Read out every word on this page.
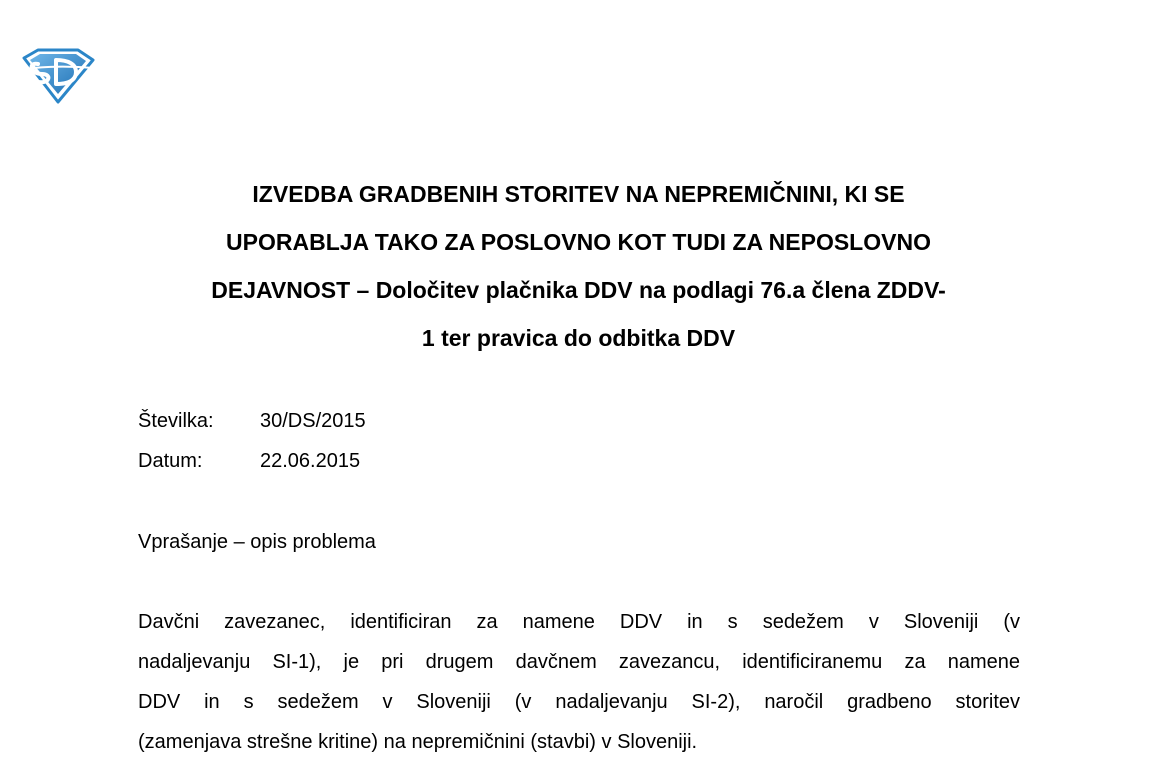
IZVEDBA GRADBENIH STORITEV NA NEPREMIČNINI, KI SE
UPORABLJA TAKO ZA POSLOVNO KOT TUDI ZA NEPOSLOVNO
DEJAVNOST – Določitev plačnika DDV na podlagi 76.a člena ZDDV-
1 ter pravica do odbitka DDV
Številka:	30/DS/2015
Datum:	22.06.2015
Vprašanje – opis problema
Davčni zavezanec, identificiran za namene DDV in s sedežem v Sloveniji (v
nadaljevanju SI-1), je pri drugem davčnem zavezancu, identificiranemu za namene
DDV in s sedežem v Sloveniji (v nadaljevanju SI-2), naročil gradbeno storitev
(zamenjava strešne kritine) na nepremičnini (stavbi) v Sloveniji.
